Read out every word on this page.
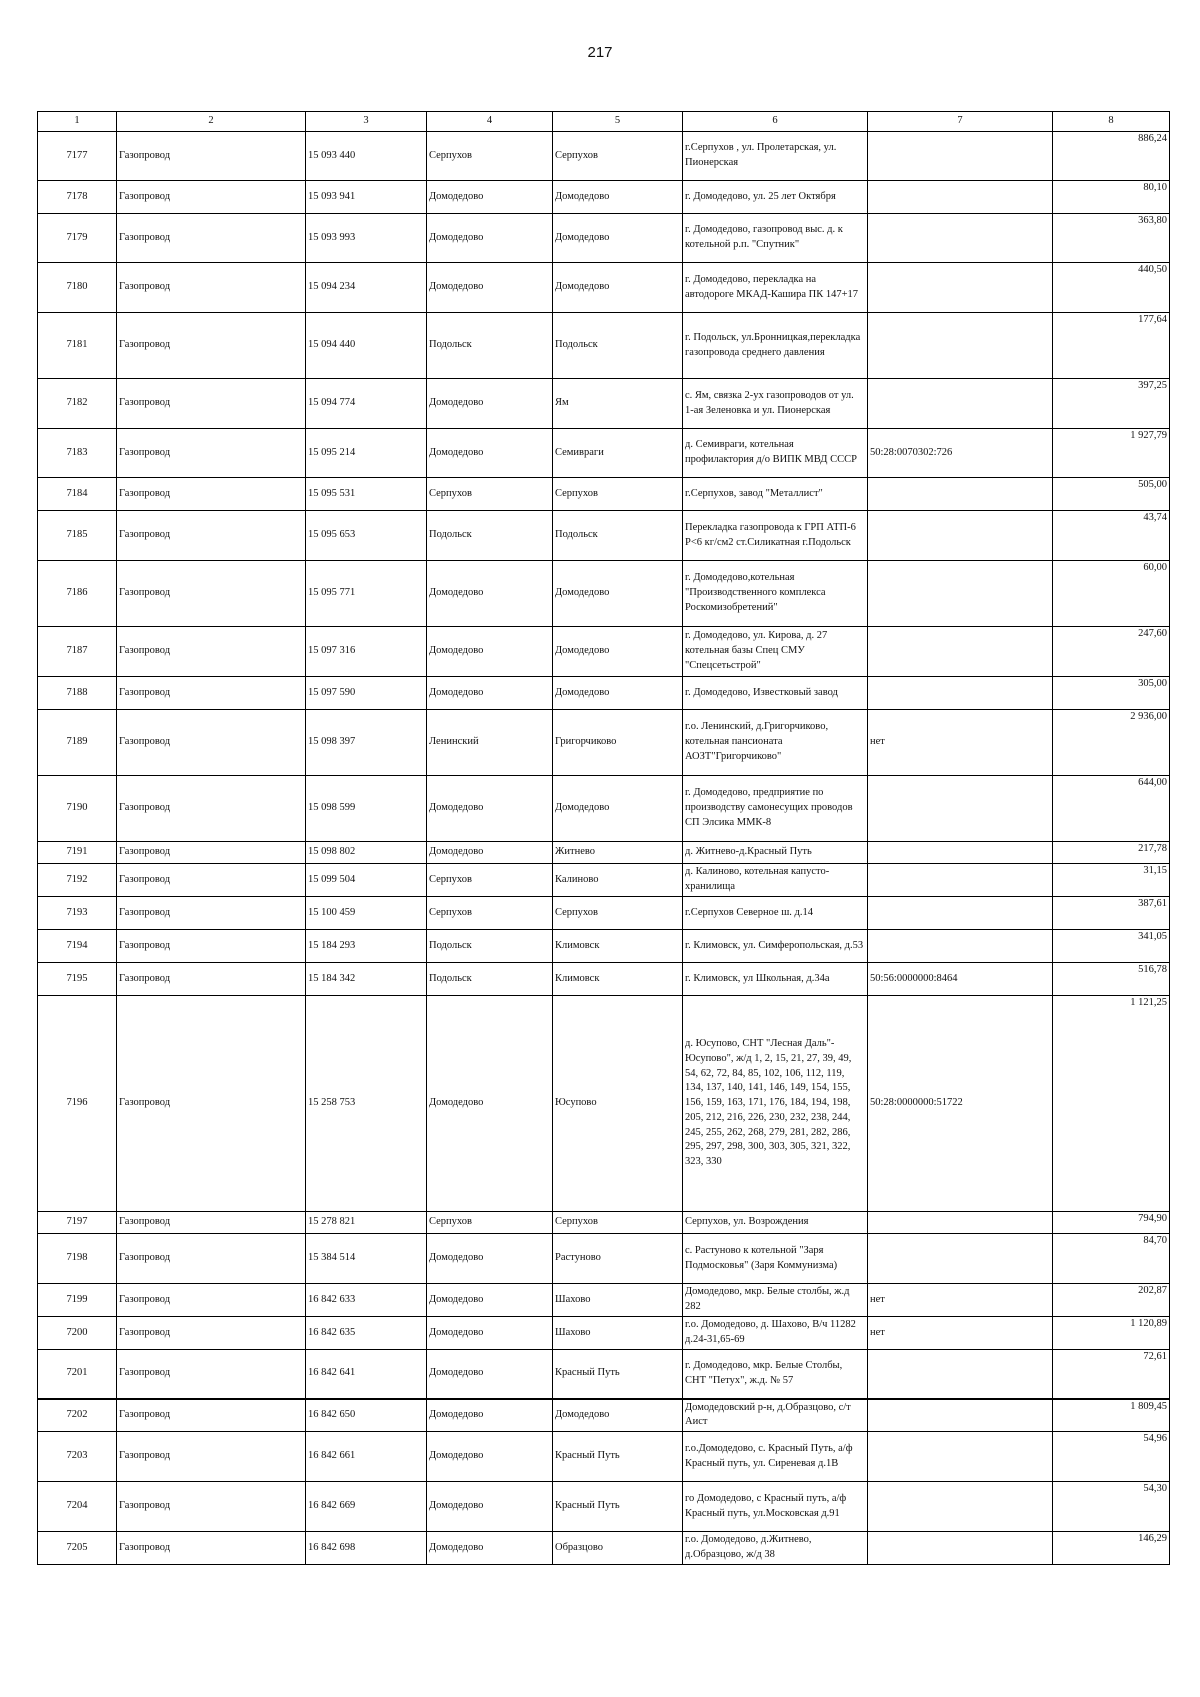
217
1	2	3	4	5	6	7	8
7177	Газопровод	15 093 440	Серпухов	Серпухов	г.Серпухов , ул. Пролетарская, ул. Пионерская		886,24
7178	Газопровод	15 093 941	Домодедово	Домодедово	г. Домодедово, ул. 25 лет Октября		80,10
7179	Газопровод	15 093 993	Домодедово	Домодедово	г. Домодедово, газопровод выс. д. к котельной р.п. "Спутник"		363,80
7180	Газопровод	15 094 234	Домодедово	Домодедово	г. Домодедово, перекладка на автодороге МКАД-Кашира ПК 147+17		440,50
7181	Газопровод	15 094 440	Подольск	Подольск	г. Подольск, ул.Бронницкая,перекладка газопровода среднего давления		177,64
7182	Газопровод	15 094 774	Домодедово	Ям	с. Ям, связка 2-ух газопроводов от ул. 1-ая Зеленовка и ул. Пионерская		397,25
7183	Газопровод	15 095 214	Домодедово	Семивраги	д. Семивраги, котельная профилактория д/о ВИПК МВД СССР	50:28:0070302:726	1 927,79
7184	Газопровод	15 095 531	Серпухов	Серпухов	г.Серпухов, завод "Металлист"		505,00
7185	Газопровод	15 095 653	Подольск	Подольск	Перекладка газопровода к ГРП АТП-6 Р<6 кг/см2 ст.Силикатная г.Подольск		43,74
7186	Газопровод	15 095 771	Домодедово	Домодедово	г. Домодедово,котельная "Производственного комплекса Роскомизобретений"		60,00
7187	Газопровод	15 097 316	Домодедово	Домодедово	г. Домодедово, ул. Кирова, д. 27 котельная базы Спец СМУ "Спецсетьстрой"		247,60
7188	Газопровод	15 097 590	Домодедово	Домодедово	г. Домодедово, Известковый завод		305,00
7189	Газопровод	15 098 397	Ленинский	Григорчиково	г.о. Ленинский, д.Григорчиково, котельная пансионата АОЗТ"Григорчиково"	нет	2 936,00
7190	Газопровод	15 098 599	Домодедово	Домодедово	г. Домодедово, предприятие по производству самонесущих проводов СП Элсика ММК-8		644,00
7191	Газопровод	15 098 802	Домодедово	Житнево	д. Житнево-д.Красный Путь		217,78
7192	Газопровод	15 099 504	Серпухов	Калиново	д. Калиново, котельная капусто-хранилища		31,15
7193	Газопровод	15 100 459	Серпухов	Серпухов	г.Серпухов Северное ш. д.14		387,61
7194	Газопровод	15 184 293	Подольск	Климовск	г. Климовск, ул. Симферопольская, д.53		341,05
7195	Газопровод	15 184 342	Подольск	Климовск	г. Климовск, ул Школьная, д.34а	50:56:0000000:8464	516,78
7196	Газопровод	15 258 753	Домодедово	Юсупово	д. Юсупово, СНТ "Лесная Даль"-Юсупово", ж/д 1, 2, 15, 21, 27, 39, 49, 54, 62, 72, 84, 85, 102, 106, 112, 119, 134, 137, 140, 141, 146, 149, 154, 155, 156, 159, 163, 171, 176, 184, 194, 198, 205, 212, 216, 226, 230, 232, 238, 244, 245, 255, 262, 268, 279, 281, 282, 286, 295, 297, 298, 300, 303, 305, 321, 322, 323, 330	50:28:0000000:51722	1 121,25
7197	Газопровод	15 278 821	Серпухов	Серпухов	Серпухов, ул. Возрождения		794,90
7198	Газопровод	15 384 514	Домодедово	Растуново	с. Растуново к котельной "Заря Подмосковья" (Заря Коммунизма)		84,70
7199	Газопровод	16 842 633	Домодедово	Шахово	Домодедово, мкр. Белые столбы, ж.д 282	нет	202,87
7200	Газопровод	16 842 635	Домодедово	Шахово	г.о. Домодедово, д. Шахово, В/ч 11282 д.24-31,65-69	нет	1 120,89
7201	Газопровод	16 842 641	Домодедово	Красный Путь	г. Домодедово, мкр. Белые Столбы, СНТ "Петух", ж.д. № 57		72,61
7202	Газопровод	16 842 650	Домодедово	Домодедово	Домодедовский р-н, д.Образцово, с/т Аист		1 809,45
7203	Газопровод	16 842 661	Домодедово	Красный Путь	г.о.Домодедово, с. Красный Путь, а/ф Красный путь, ул. Сиреневая д.1В		54,96
7204	Газопровод	16 842 669	Домодедово	Красный Путь	го Домодедово, с Красный путь, а/ф Красный путь, ул.Московская д.91		54,30
7205	Газопровод	16 842 698	Домодедово	Образцово	г.о. Домодедово, д.Житнево, д.Образцово, ж/д 38		146,29
